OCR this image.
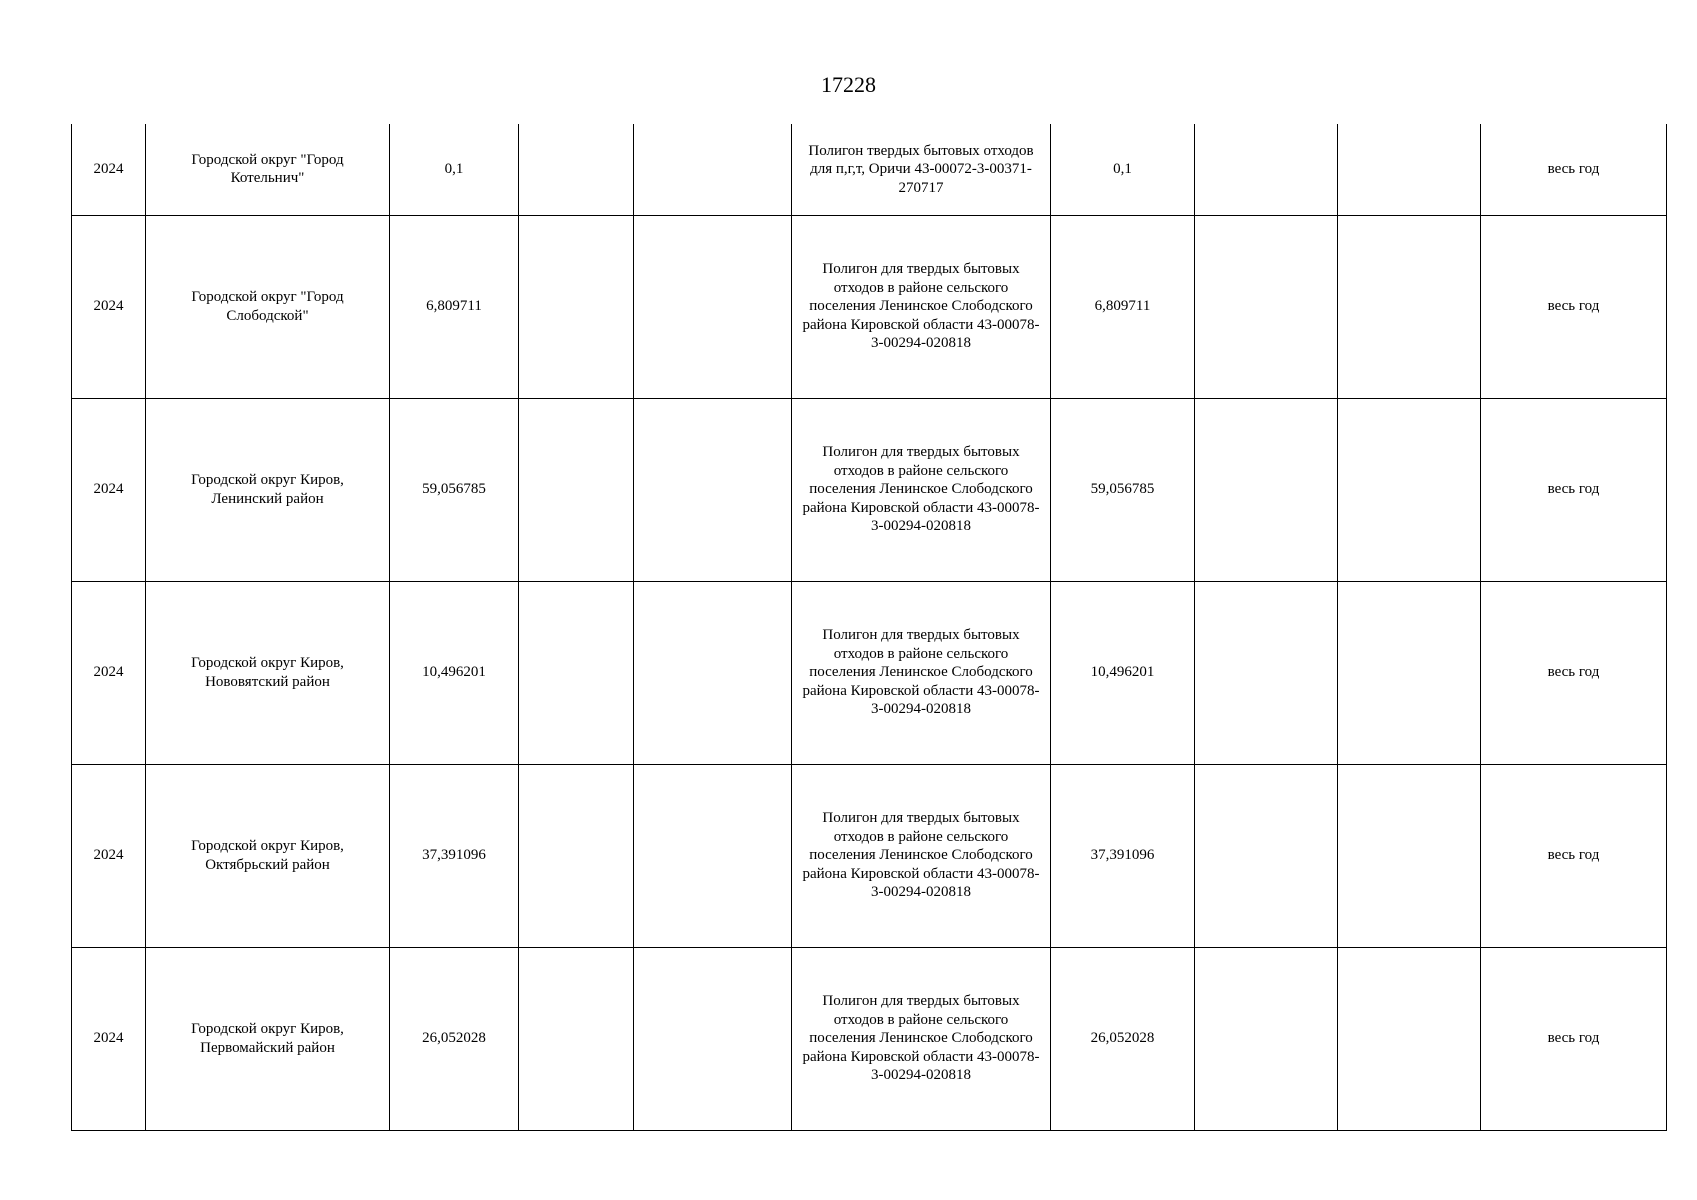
17228
2024	Городской округ "Город Котельнич"	0,1			Полигон твердых бытовых отходов для п,г,т, Оричи 43-00072-3-00371-270717	0,1			весь год
2024	Городской округ "Город Слободской"	6,809711			Полигон для твердых бытовых отходов в районе сельского поселения Ленинское Слободского района Кировской области 43-00078-3-00294-020818	6,809711			весь год
2024	Городской округ Киров, Ленинский район	59,056785			Полигон для твердых бытовых отходов в районе сельского поселения Ленинское Слободского района Кировской области 43-00078-3-00294-020818	59,056785			весь год
2024	Городской округ Киров, Нововятский район	10,496201			Полигон для твердых бытовых отходов в районе сельского поселения Ленинское Слободского района Кировской области 43-00078-3-00294-020818	10,496201			весь год
2024	Городской округ Киров, Октябрьский район	37,391096			Полигон для твердых бытовых отходов в районе сельского поселения Ленинское Слободского района Кировской области 43-00078-3-00294-020818	37,391096			весь год
2024	Городской округ Киров, Первомайский район	26,052028			Полигон для твердых бытовых отходов в районе сельского поселения Ленинское Слободского района Кировской области 43-00078-3-00294-020818	26,052028			весь год
